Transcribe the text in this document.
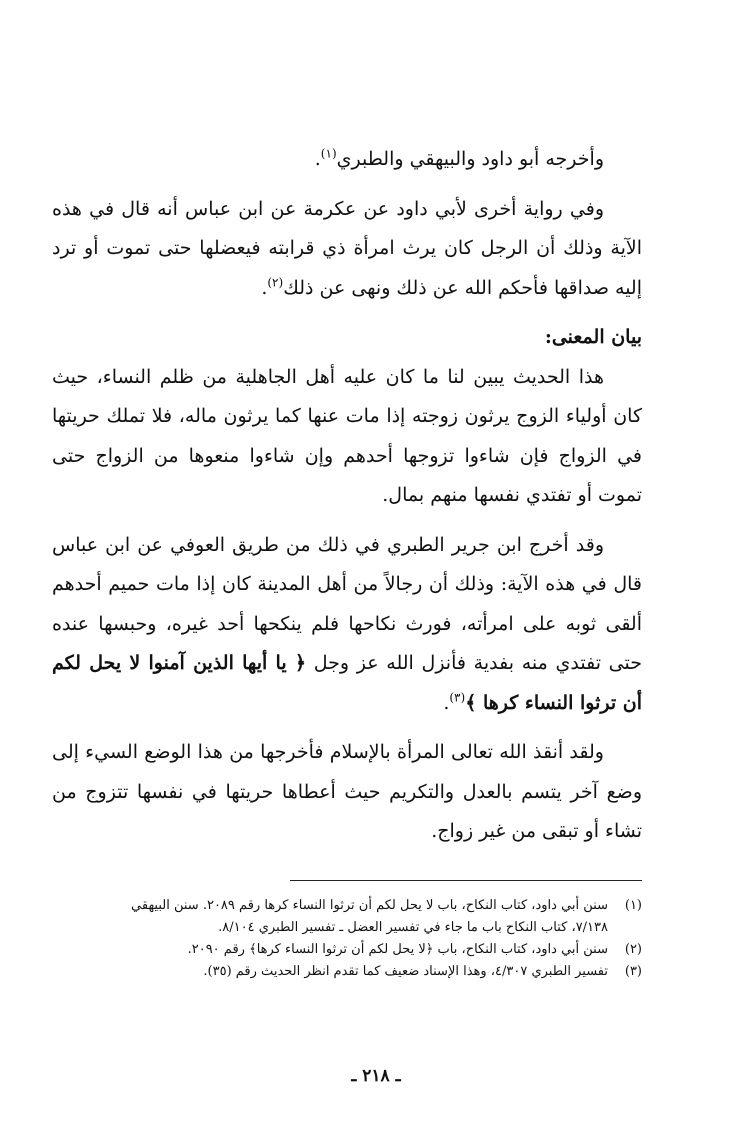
وأخرجه أبو داود والبيهقي والطبري$^{(١)}$.

وفي رواية أخرى لأبي داود عن عكرمة عن ابن عباس أنه قال في هذه الآية وذلك أن الرجل كان يرث امرأة ذي قرابته فيعضلها حتى تموت أو ترد إليه صداقها فأحكم الله عن ذلك ونهى عن ذلك$^{(٢)}$.

بيان المعنى:

هذا الحديث يبين لنا ما كان عليه أهل الجاهلية من ظلم النساء، حيث كان أولياء الزوج يرثون زوجته إذا مات عنها كما يرثون ماله، فلا تملك حريتها في الزواج فإن شاءوا تزوجها أحدهم وإن شاءوا منعوها من الزواج حتى تموت أو تفتدي نفسها منهم بمال.

وقد أخرج ابن جرير الطبري في ذلك من طريق العوفي عن ابن عباس قال في هذه الآية: وذلك أن رجالاً من أهل المدينة كان إذا مات حميم أحدهم ألقى ثوبه على امرأته، فورث نكاحها فلم ينكحها أحد غيره، وحبسها عنده حتى تفتدي منه بفدية فأنزل الله عز وجل ﴿ يا أيها الذين آمنوا لا يحل لكم أن ترثوا النساء كرها ﴾$^{(٣)}$.

ولقد أنقذ الله تعالى المرأة بالإسلام فأخرجها من هذا الوضع السيء إلى وضع آخر يتسم بالعدل والتكريم حيث أعطاها حريتها في نفسها تتزوج من تشاء أو تبقى من غير زواج.

(١)
سنن أبي داود، كتاب النكاح، باب لا يحل لكم أن ترثوا النساء كرها رقم ٢٠٨٩. سنن البيهقي ٧/١٣٨، كتاب النكاح باب ما جاء في تفسير العضل ـ تفسير الطبري ٨/١٠٤.
(٢)
سنن أبي داود، كتاب النكاح، باب ﴿لا يحل لكم أن ترثوا النساء كرها﴾ رقم ٢٠٩٠.
(٣)
تفسير الطبري ٤/٣٠٧، وهذا الإسناد ضعيف كما تقدم انظر الحديث رقم (٣٥).
ـ ٢١٨ ـ
